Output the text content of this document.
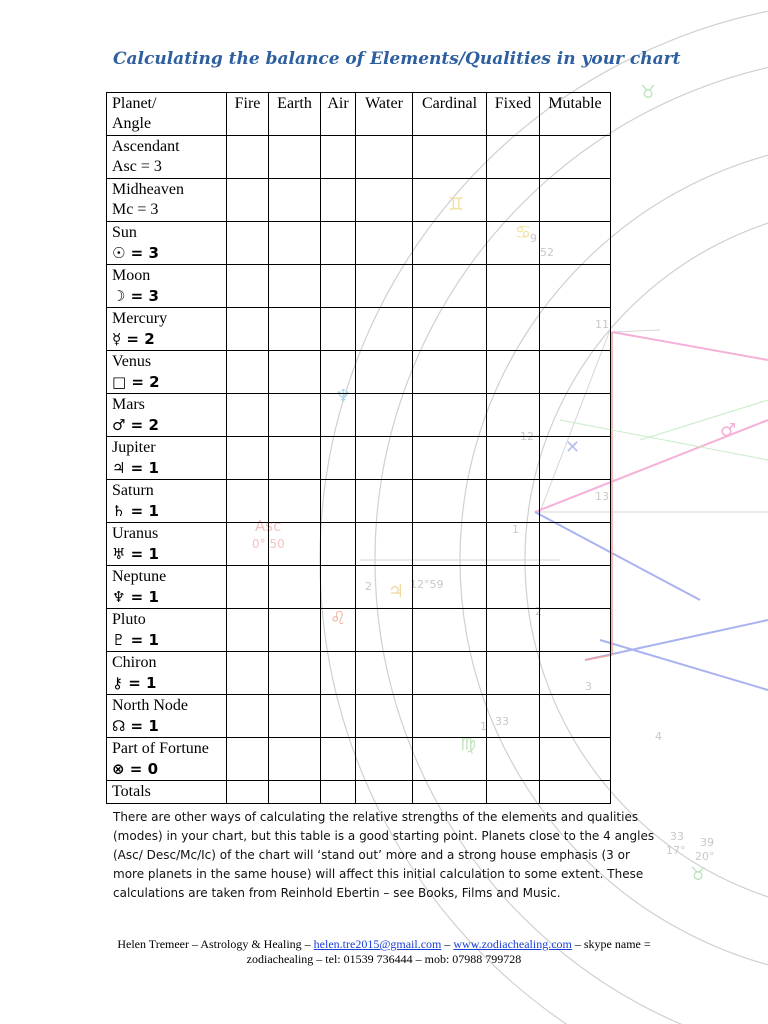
9
52
11
12
13
1
2
3
4
33
12°59
33
17°
39
20°
2
1
Asc
0° 50
♉
♊
♋
♌
♍
♆
♃
✕
♂
♉
Calculating the balance of Elements/Qualities in your chart
Planet/
Angle	Fire	Earth	Air	Water	Cardinal	Fixed	Mutable

Ascendant
Asc = 3							

Midheaven
Mc = 3							

Sun
☉ = 3							

Moon
☽ = 3							

Mercury
☿ = 2							

Venus
□ = 2							

Mars
♂ = 2							

Jupiter
♃ = 1							

Saturn
♄ = 1							

Uranus
♅ = 1							

Neptune
♆ = 1							

Pluto
♇ = 1							

Chiron
⚷ = 1							

North Node
☊ = 1							

Part of Fortune
⊗ = 0							

Totals							
There are other ways of calculating the relative strengths of the elements and qualities (modes) in your chart, but this table is a good starting point. Planets close to the 4 angles (Asc/ Desc/Mc/Ic) of the chart will ‘stand out’ more and a strong house emphasis (3 or more planets in the same house) will affect this initial calculation to some extent. These calculations are taken from Reinhold Ebertin – see Books, Films and Music.
Helen Tremeer – Astrology & Healing – helen.tre2015@gmail.com – www.zodiachealing.com – skype name = zodiachealing – tel: 01539 736444 – mob: 07988 799728
